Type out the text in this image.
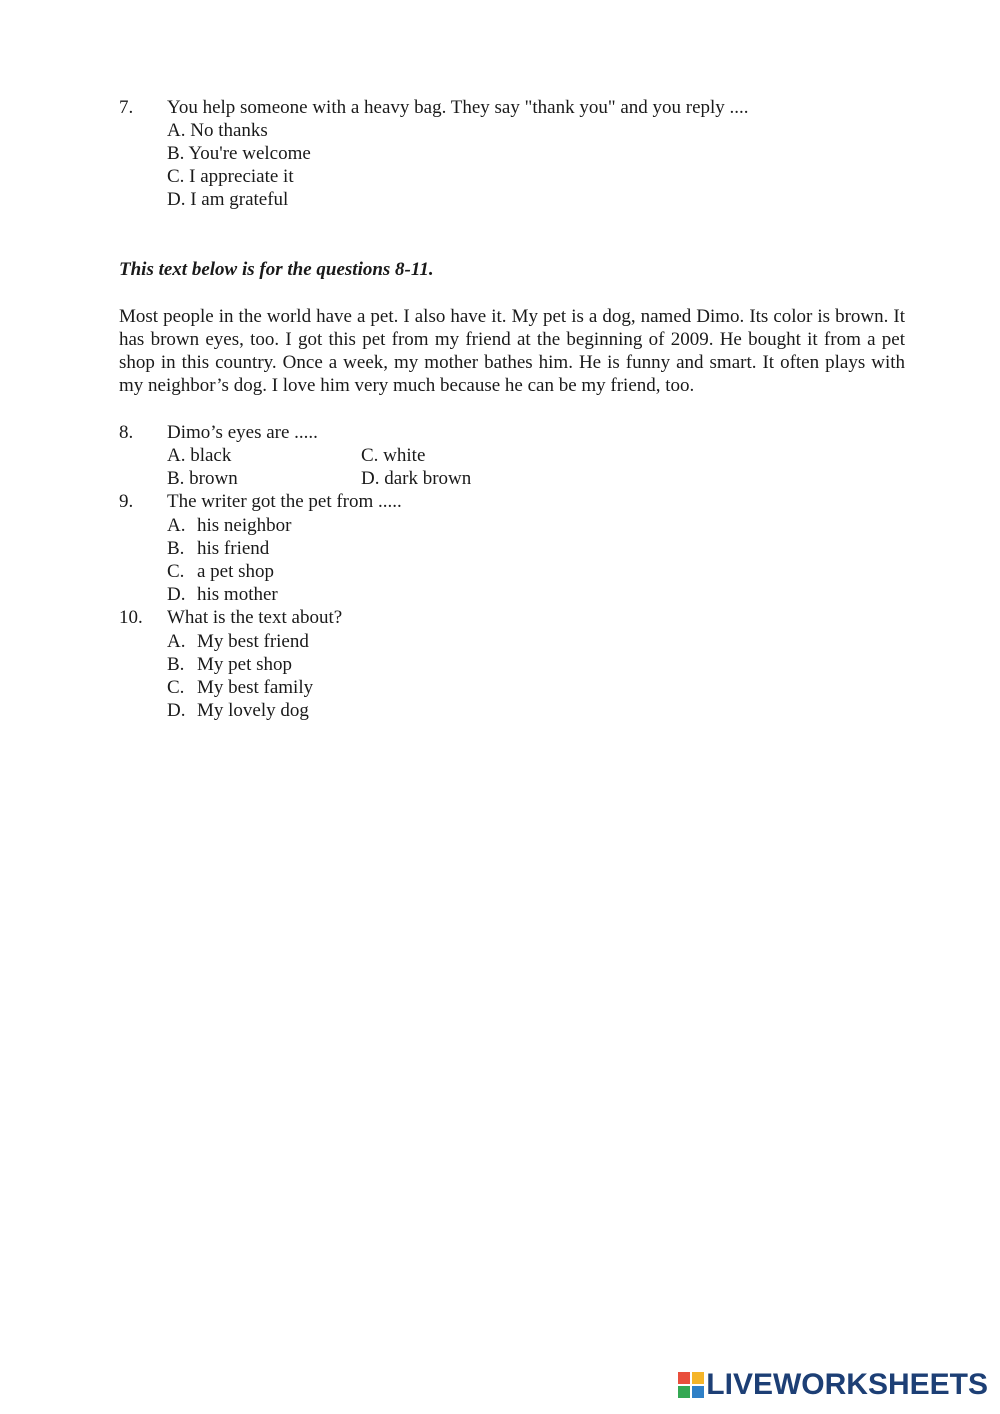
7. You help someone with a heavy bag. They say "thank you" and you reply ....
A. No thanks
B. You're welcome
C. I appreciate it
D. I am grateful
This text below is for the questions 8-11.
Most people in the world have a pet. I also have it. My pet is a dog, named Dimo. Its color is brown. It has brown eyes, too. I got this pet from my friend at the beginning of 2009. He bought it from a pet shop in this country. Once a week, my mother bathes him. He is funny and smart. It often plays with my neighbor’s dog. I love him very much because he can be my friend, too.
8. Dimo’s eyes are .....
A. black	C. white
B. brown	D. dark brown
9. The writer got the pet from .....
A. his neighbor
B. his friend
C. a pet shop
D. his mother
10. What is the text about?
A. My best friend
B. My pet shop
C. My best family
D. My lovely dog
LIVEWORKSHEETS
